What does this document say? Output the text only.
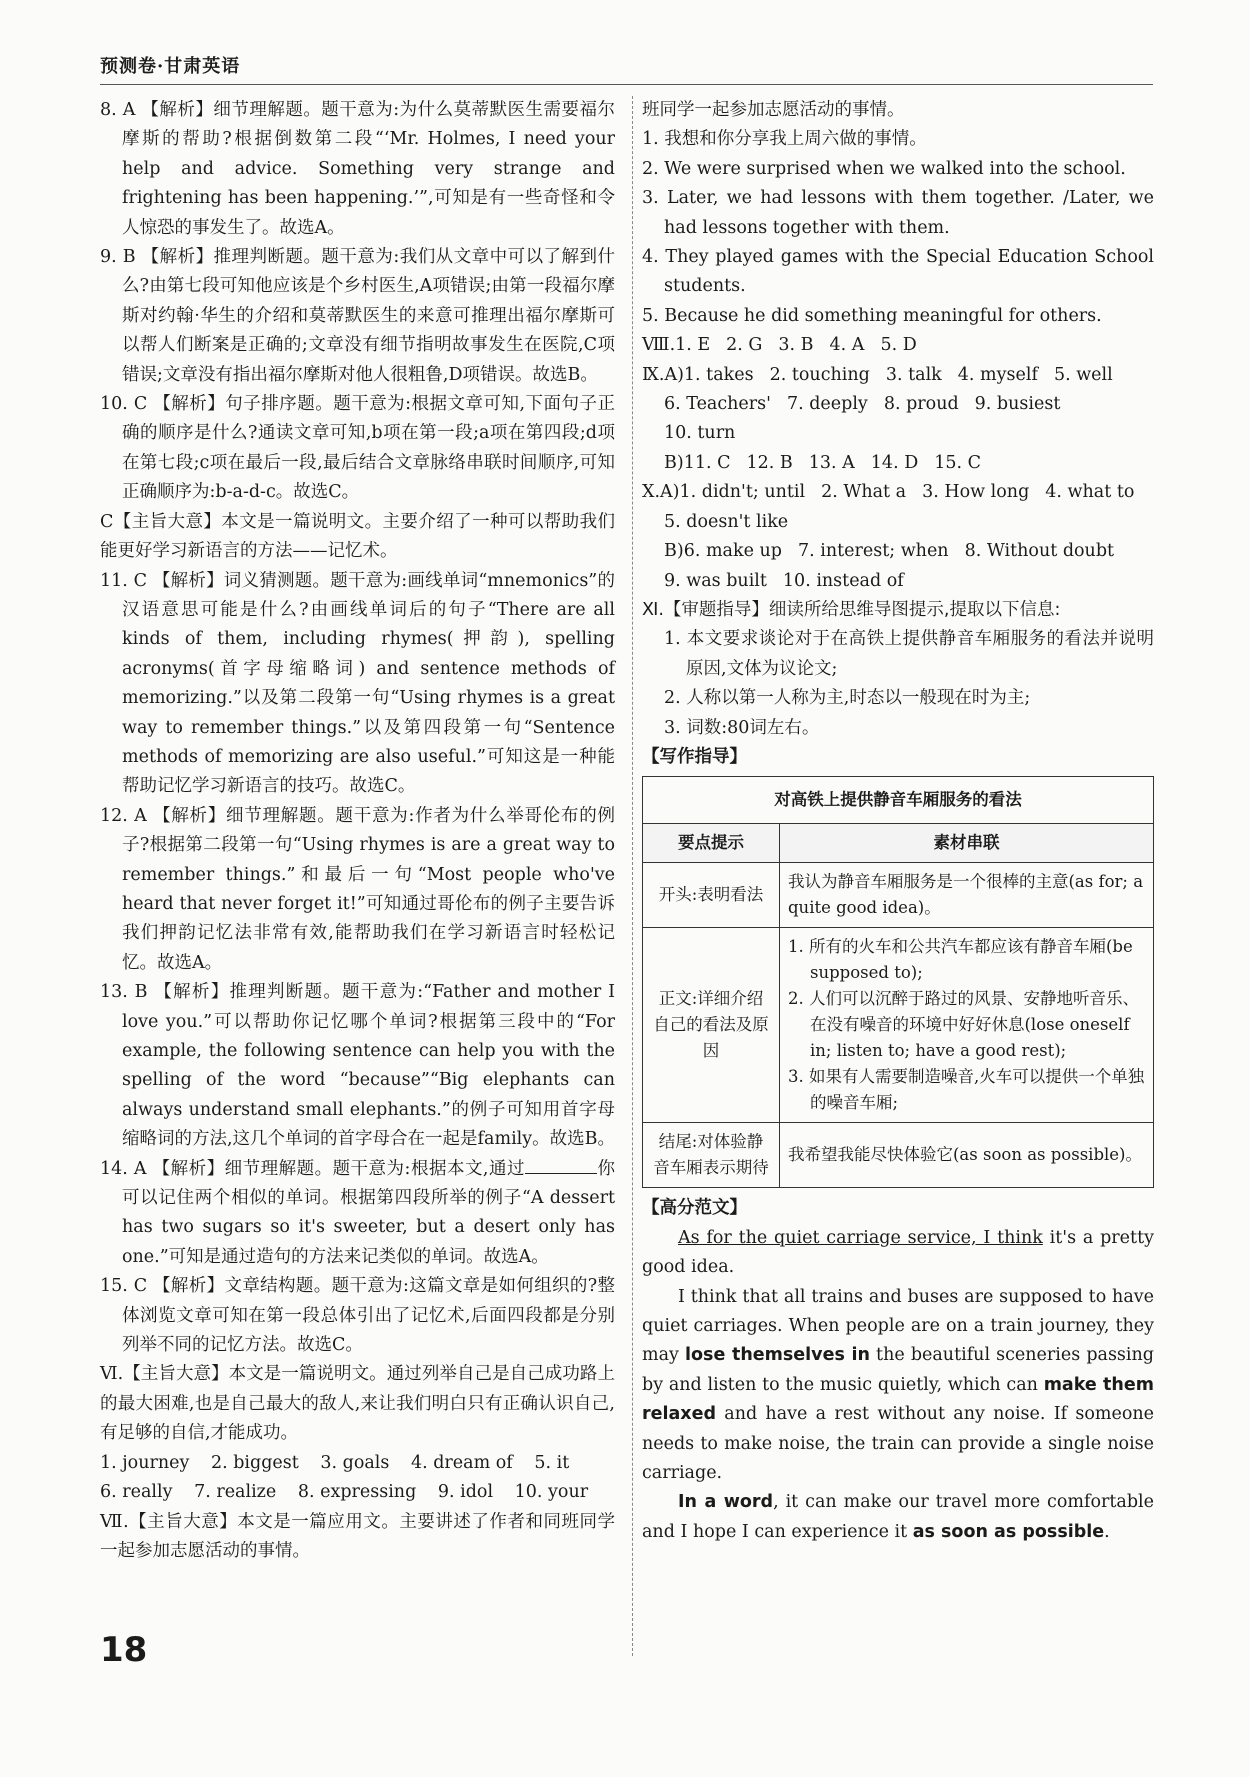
预测卷·甘肃英语

8. A 【解析】细节理解题。题干意为:为什么莫蒂默医生需要福尔摩斯的帮助?根据倒数第二段“‘Mr. Holmes, I need your help and advice. Something very strange and frightening has been happening.’”,可知是有一些奇怪和令人惊恐的事发生了。故选A。

9. B 【解析】推理判断题。题干意为:我们从文章中可以了解到什么?由第七段可知他应该是个乡村医生,A项错误;由第一段福尔摩斯对约翰·华生的介绍和莫蒂默医生的来意可推理出福尔摩斯可以帮人们断案是正确的;文章没有细节指明故事发生在医院,C项错误;文章没有指出福尔摩斯对他人很粗鲁,D项错误。故选B。

10. C 【解析】句子排序题。题干意为:根据文章可知,下面句子正确的顺序是什么?通读文章可知,b项在第一段;a项在第四段;d项在第七段;c项在最后一段,最后结合文章脉络串联时间顺序,可知正确顺序为:b-a-d-c。故选C。

C【主旨大意】本文是一篇说明文。主要介绍了一种可以帮助我们能更好学习新语言的方法——记忆术。

11. C 【解析】词义猜测题。题干意为:画线单词“mnemonics”的汉语意思可能是什么?由画线单词后的句子“There are all kinds of them, including rhymes(押韵), spelling acronyms(首字母缩略词) and sentence methods of memorizing.”以及第二段第一句“Using rhymes is a great way to remember things.”以及第四段第一句“Sentence methods of memorizing are also useful.”可知这是一种能帮助记忆学习新语言的技巧。故选C。

12. A 【解析】细节理解题。题干意为:作者为什么举哥伦布的例子?根据第二段第一句“Using rhymes is are a great way to remember things.”和最后一句“Most people who've heard that never forget it!”可知通过哥伦布的例子主要告诉我们押韵记忆法非常有效,能帮助我们在学习新语言时轻松记忆。故选A。

13. B 【解析】推理判断题。题干意为:“Father and mother I love you.”可以帮助你记忆哪个单词?根据第三段中的“For example, the following sentence can help you with the spelling of the word “because”“Big elephants can always understand small elephants.”的例子可知用首字母缩略词的方法,这几个单词的首字母合在一起是family。故选B。

14. A 【解析】细节理解题。题干意为:根据本文,通过	你可以记住两个相似的单词。根据第四段所举的例子“A dessert has two sugars so it's sweeter, but a desert only has one.”可知是通过造句的方法来记类似的单词。故选A。

15. C 【解析】文章结构题。题干意为:这篇文章是如何组织的?整体浏览文章可知在第一段总体引出了记忆术,后面四段都是分别列举不同的记忆方法。故选C。

Ⅵ.【主旨大意】本文是一篇说明文。通过列举自己是自己成功路上的最大困难,也是自己最大的敌人,来让我们明白只有正确认识自己,有足够的自信,才能成功。

1. journey 2. biggest 3. goals 4. dream of 5. it
6. really 7. realize 8. expressing 9. idol 10. your

Ⅶ.【主旨大意】本文是一篇应用文。主要讲述了作者和同班同学一起参加志愿活动的事情。

班同学一起参加志愿活动的事情。

1. 我想和你分享我上周六做的事情。

2. We were surprised when we walked into the school.

3. Later, we had lessons with them together. /Later, we had lessons together with them.

4. They played games with the Special Education School students.

5. Because he did something meaningful for others.

Ⅷ.1. E 2. G 3. B 4. A 5. D
Ⅸ.A)1. takes 2. touching 3. talk 4. myself 5. well
6. Teachers' 7. deeply 8. proud 9. busiest
10. turn
B)11. C 12. B 13. A 14. D 15. C
Ⅹ.A)1. didn't; until 2. What a 3. How long 4. what to
5. doesn't like
B)6. make up 7. interest; when 8. Without doubt
9. was built 10. instead of

Ⅺ.【审题指导】细读所给思维导图提示,提取以下信息:

1. 本文要求谈论对于在高铁上提供静音车厢服务的看法并说明原因,文体为议论文;

2. 人称以第一人称为主,时态以一般现在时为主;

3. 词数:80词左右。

【写作指导】

对高铁上提供静音车厢服务的看法	
要点提示	素材串联
开头:表明看法	我认为静音车厢服务是一个很棒的主意(as for; a quite good idea)。
正文:详细介绍自己的看法及原因	1. 所有的火车和公共汽车都应该有静音车厢(be supposed to);
2. 人们可以沉醉于路过的风景、安静地听音乐、在没有噪音的环境中好好休息(lose oneself in; listen to; have a good rest);
3. 如果有人需要制造噪音,火车可以提供一个单独的噪音车厢;

结尾:对体验静音车厢表示期待	我希望我能尽快体验它(as soon as possible)。

【高分范文】

As for the quiet carriage service, I think it's a pretty good idea.

I think that all trains and buses are supposed to have quiet carriages. When people are on a train journey, they may lose themselves in the beautiful sceneries passing by and listen to the music quietly, which can make them relaxed and have a rest without any noise. If someone needs to make noise, the train can provide a single noise carriage.

In a word, it can make our travel more comfortable and I hope I can experience it as soon as possible.

18
